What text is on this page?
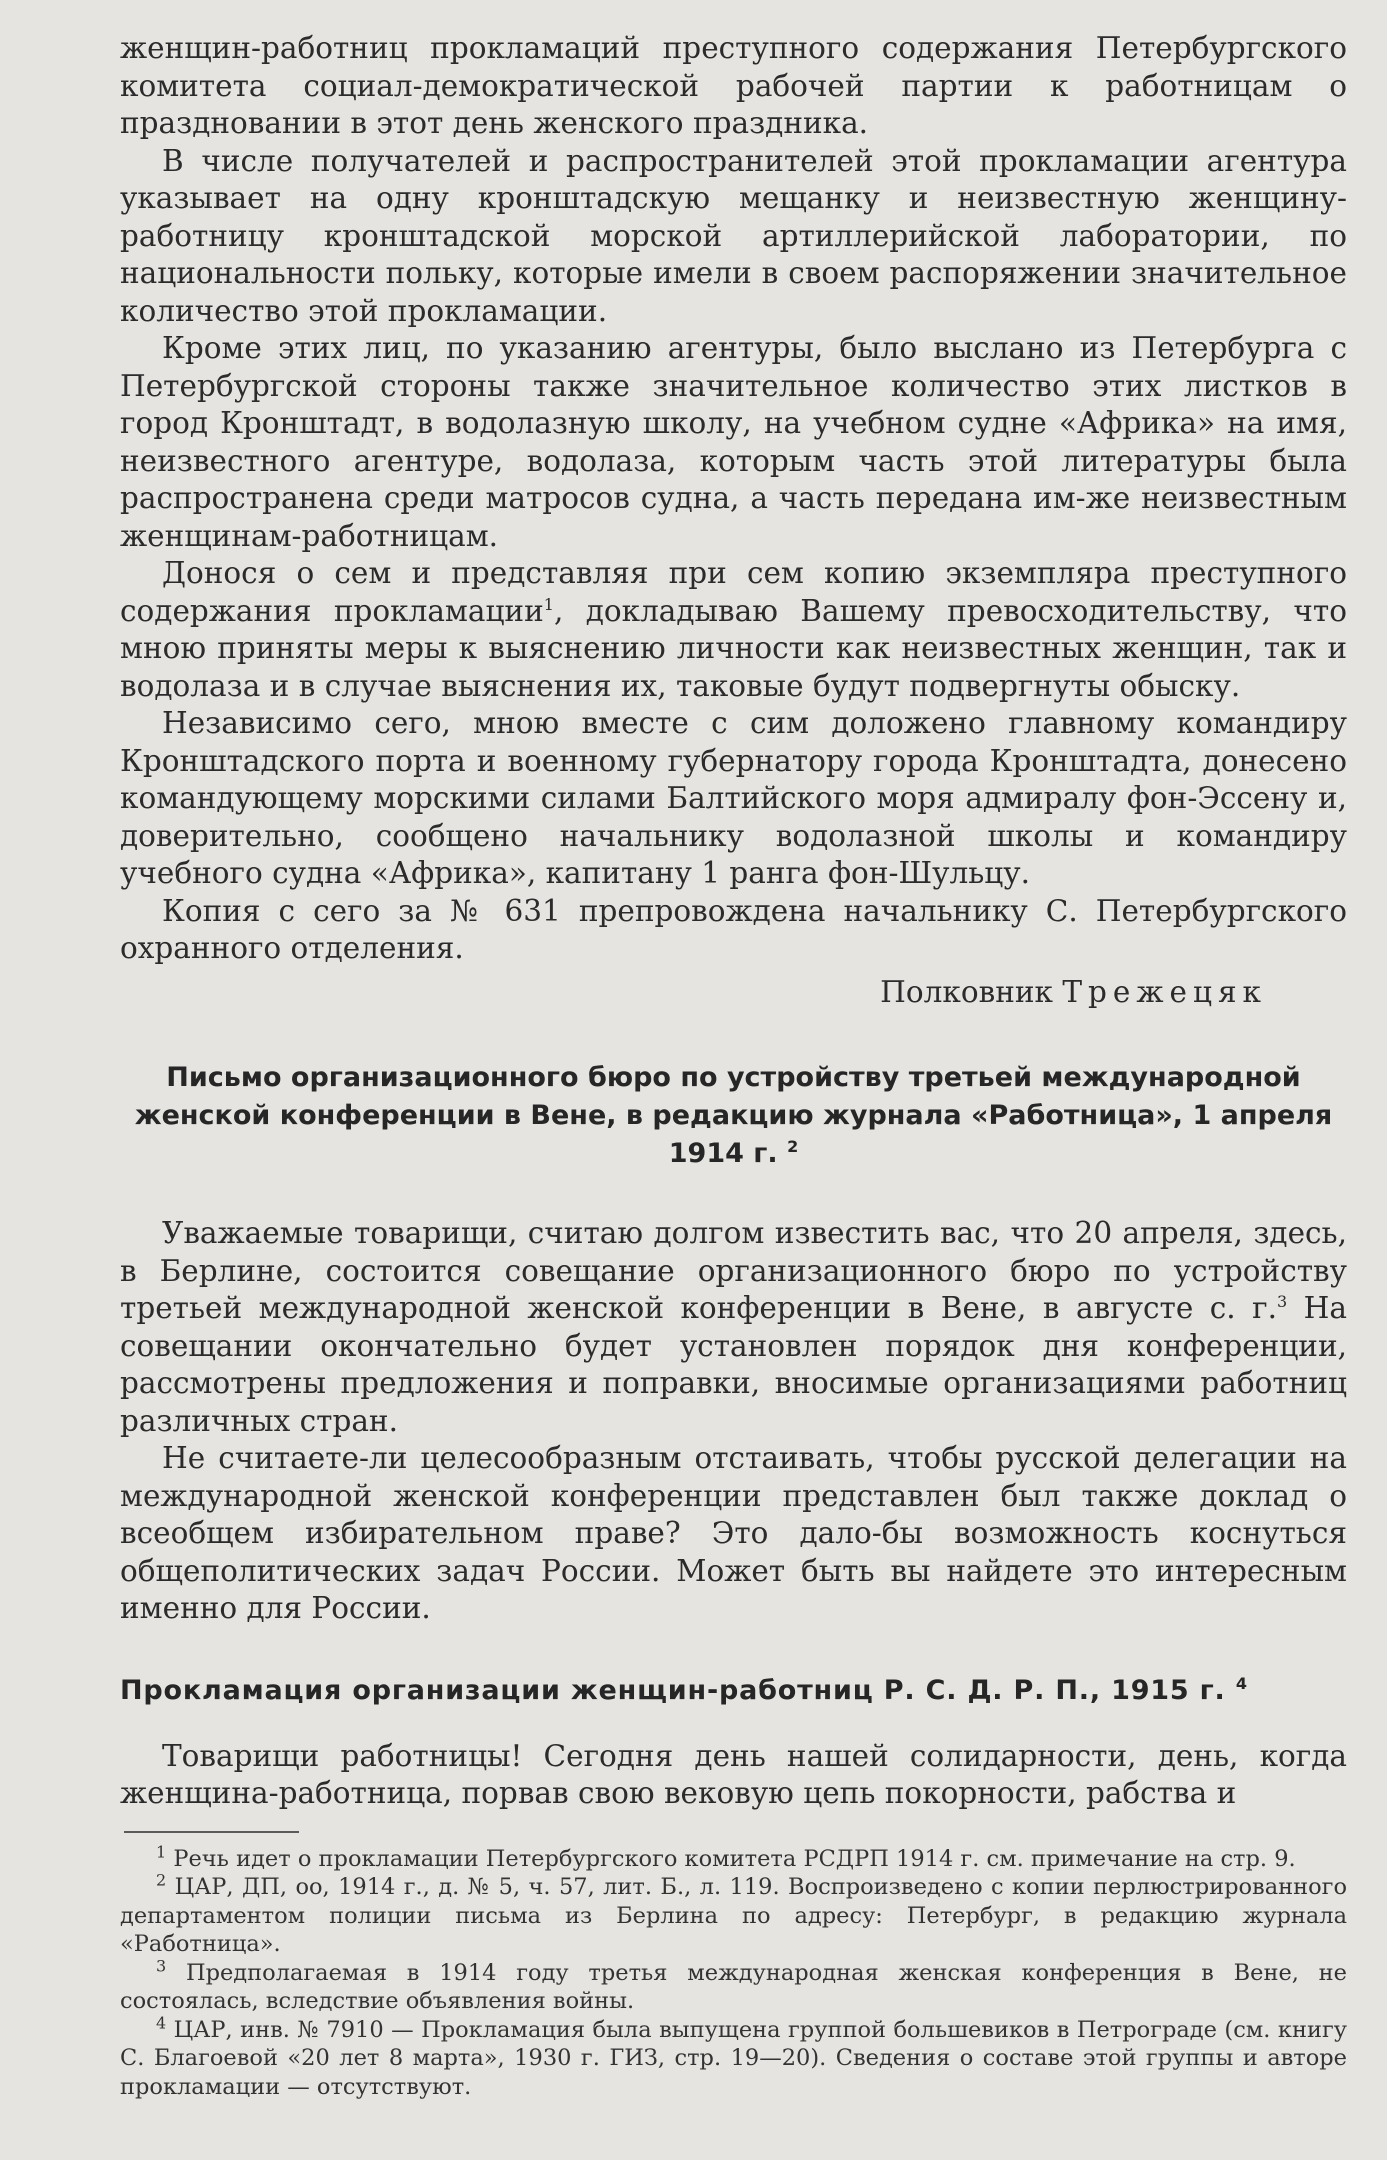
женщин-работниц прокламаций преступного содержания Петербургского комитета социал-демократической рабочей партии к работницам о праздновании в этот день женского праздника.

В числе получателей и распространителей этой прокламации агентура указывает на одну кронштадскую мещанку и неизвестную женщину-работницу кронштадской морской артиллерийской лаборатории, по национальности польку, которые имели в своем распоряжении значительное количество этой прокламации.

Кроме этих лиц, по указанию агентуры, было выслано из Петербурга с Петербургской стороны также значительное количество этих листков в город Кронштадт, в водолазную школу, на учебном судне «Африка» на имя, неизвестного агентуре, водолаза, которым часть этой литературы была распространена среди матросов судна, а часть передана им-же неизвестным женщинам-работницам.

Донося о сем и представляя при сем копию экземпляра преступного содержания прокламации$^1$, докладываю Вашему превосходительству, что мною приняты меры к выяснению личности как неизвестных женщин, так и водолаза и в случае выяснения их, таковые будут подвергнуты обыску.

Независимо сего, мною вместе с сим доложено главному командиру Кронштадского порта и военному губернатору города Кронштадта, донесено командующему морскими силами Балтийского моря адмиралу фон-Эссену и, доверительно, сообщено начальнику водолазной школы и командиру учебного судна «Африка», капитану 1 ранга фон-Шульцу.

Копия с сего за № 631 препровождена начальнику С. Петербургского охранного отделения.

Полковник Трежецяк
Письмо организационного бюро по устройству третьей международной женской конференции в Вене, в редакцию журнала «Работница», 1 апреля 1914 г. $^2$

Уважаемые товарищи, считаю долгом известить вас, что 20 апреля, здесь, в Берлине, состоится совещание организационного бюро по устройству третьей международной женской конференции в Вене, в августе с. г.$^3$ На совещании окончательно будет установлен порядок дня конференции, рассмотрены предложения и поправки, вносимые организациями работниц различных стран.

Не считаете-ли целесообразным отстаивать, чтобы русской делегации на международной женской конференции представлен был также доклад о всеобщем избирательном праве? Это дало-бы возможность коснуться общеполитических задач России. Может быть вы найдете это интересным именно для России.

Прокламация организации женщин-работниц Р. С. Д. Р. П., 1915 г. $^4$

Товарищи работницы! Сегодня день нашей солидарности, день, когда женщина-работница, порвав свою вековую цепь покорности, рабства и

$^1$ Речь идет о прокламации Петербургского комитета РСДРП 1914 г. см. примечание на стр. 9.

$^2$ ЦАР, ДП, оо, 1914 г., д. № 5, ч. 57, лит. Б., л. 119. Воспроизведено с копии перлюстрированного департаментом полиции письма из Берлина по адресу: Петербург, в редакцию журнала «Работница».

$^3$ Предполагаемая в 1914 году третья международная женская конференция в Вене, не состоялась, вследствие объявления войны.

$^4$ ЦАР, инв. № 7910 — Прокламация была выпущена группой большевиков в Петрограде (см. книгу С. Благоевой «20 лет 8 марта», 1930 г. ГИЗ, стр. 19—20). Сведения о составе этой группы и авторе прокламации — отсутствуют.
